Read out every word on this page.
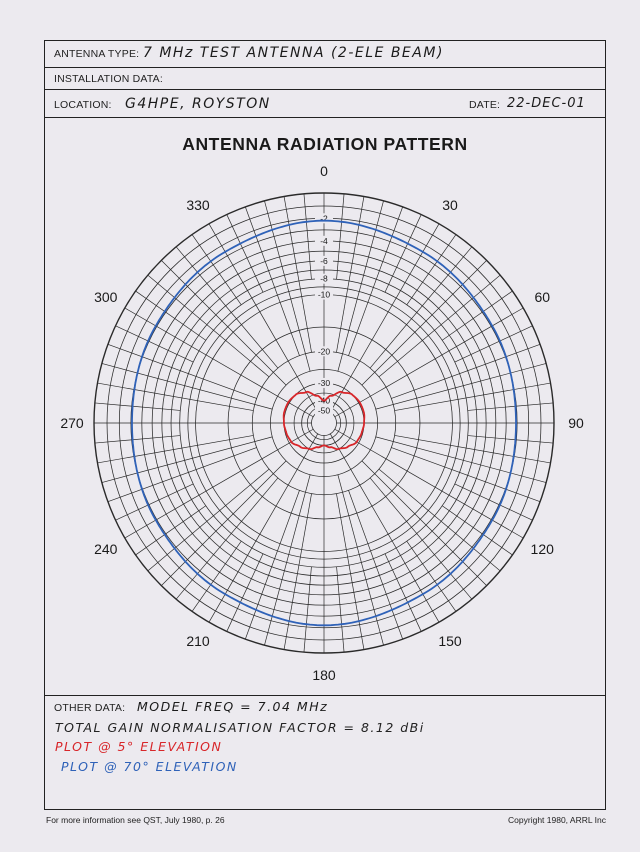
ANTENNA TYPE: 7 MHz TEST ANTENNA (2-ELE BEAM)
INSTALLATION DATA:
LOCATION: G4HPE, ROYSTON	DATE: 22-DEC-01
ANTENNA RADIATION PATTERN
OTHER DATA: MODEL FREQ = 7.04 MHz
TOTAL GAIN NORMALISATION FACTOR = 8.12 dBi
PLOT @ 5° ELEVATION
PLOT @ 70° ELEVATION
0
30
60
90
120
150
180
210
240
270
300
330
-2
-4
-6
-8
-10
-20
-30
-40
-50
For more information see QST, July 1980, p. 26	Copyright 1980, ARRL Inc
